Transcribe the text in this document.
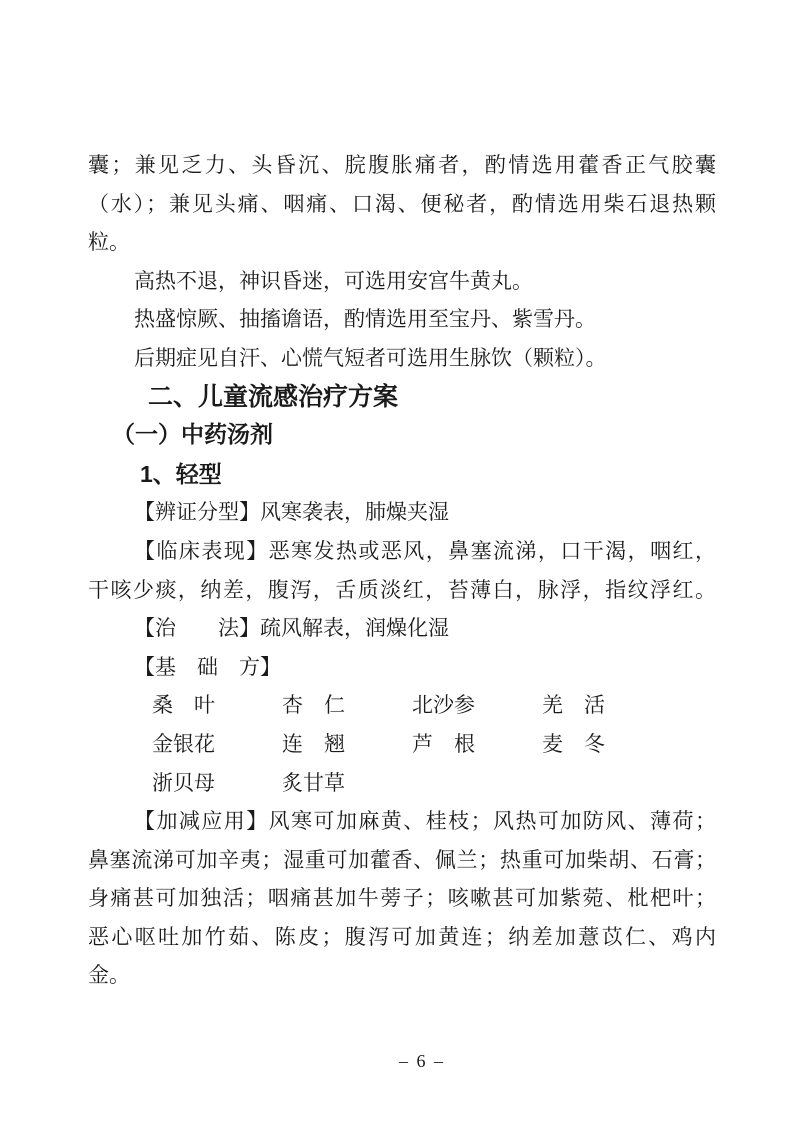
囊；兼见乏力、头昏沉、脘腹胀痛者，酌情选用藿香正气胶囊
（水）；兼见头痛、咽痛、口渴、便秘者，酌情选用柴石退热颗
粒。
高热不退，神识昏迷，可选用安宫牛黄丸。
热盛惊厥、抽搐谵语，酌情选用至宝丹、紫雪丹。
后期症见自汗、心慌气短者可选用生脉饮（颗粒）。
二、儿童流感治疗方案
（一）中药汤剂
1、轻型
【辨证分型】风寒袭表，肺燥夹湿
【临床表现】恶寒发热或恶风，鼻塞流涕，口干渴，咽红，
干咳少痰，纳差，腹泻，舌质淡红，苔薄白，脉浮，指纹浮红。
【治　　法】疏风解表，润燥化湿
【基　础　方】
桑　叶	杏　仁	北沙参	羌　活
金银花	连　翘	芦　根	麦　冬
浙贝母	炙甘草
【加减应用】风寒可加麻黄、桂枝；风热可加防风、薄荷；
鼻塞流涕可加辛夷；湿重可加藿香、佩兰；热重可加柴胡、石膏；
身痛甚可加独活；咽痛甚加牛蒡子；咳嗽甚可加紫菀、枇杷叶；
恶心呕吐加竹茹、陈皮；腹泻可加黄连；纳差加薏苡仁、鸡内
金。
– 6 –
